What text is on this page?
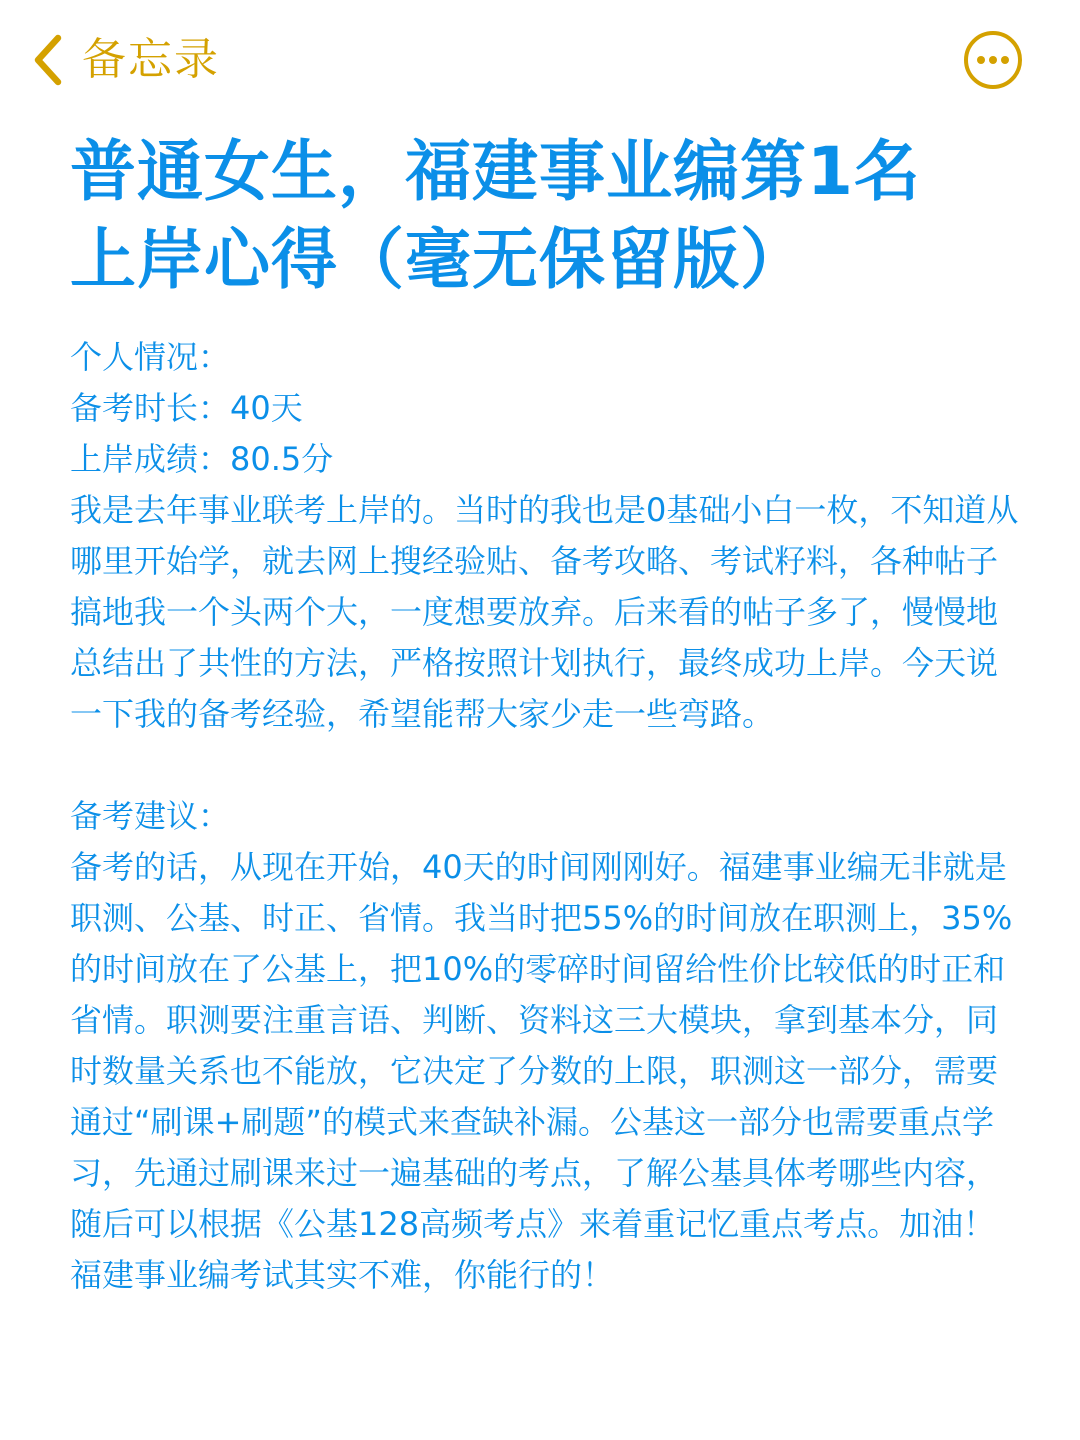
备忘录
普通女生，福建事业编第1名
上岸心得（毫无保留版）

个人情况：

备考时长：40天

上岸成绩：80.5分

我是去年事业联考上岸的。当时的我也是0基础小白一枚，不知道从哪里开始学，就去网上搜经验贴、备考攻略、考试籽料，各种帖子搞地我一个头两个大，一度想要放弃。后来看的帖子多了，慢慢地总结出了共性的方法，严格按照计划执行，最终成功上岸。今天说一下我的备考经验，希望能帮大家少走一些弯路。

备考建议：

备考的话，从现在开始，40天的时间刚刚好。福建事业编无非就是职测、公基、时正、省情。我当时把55%的时间放在职测上，35%的时间放在了公基上，把10%的零碎时间留给性价比较低的时正和省情。职测要注重言语、判断、资料这三大模块，拿到基本分，同时数量关系也不能放，它决定了分数的上限，职测这一部分，需要通过“刷课+刷题”的模式来查缺补漏。公基这一部分也需要重点学习，先通过刷课来过一遍基础的考点，了解公基具体考哪些内容，随后可以根据《公基128高频考点》来着重记忆重点考点。加油！福建事业编考试其实不难，你能行的！
